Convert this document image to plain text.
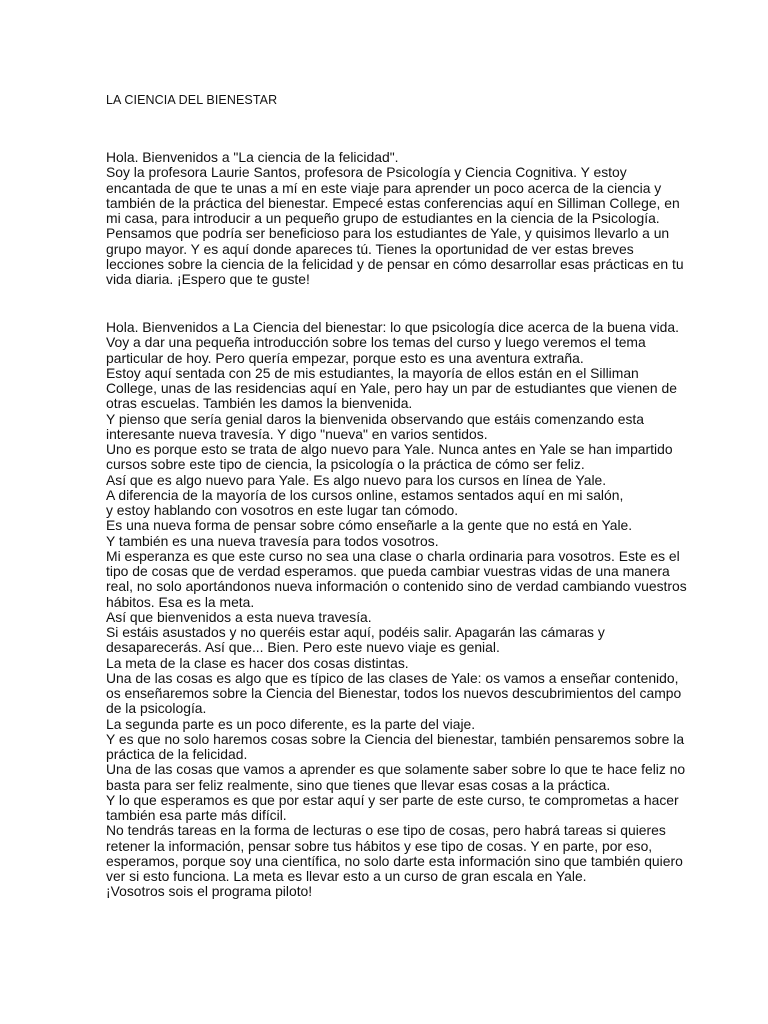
LA CIENCIA DEL BIENESTAR
Hola. Bienvenidos a "La ciencia de la felicidad".
Soy la profesora Laurie Santos, profesora de Psicología y Ciencia Cognitiva. Y estoy
encantada de que te unas a mí en este viaje para aprender un poco acerca de la ciencia y
también de la práctica del bienestar. Empecé estas conferencias aquí en Silliman College, en
mi casa, para introducir a un pequeño grupo de estudiantes en la ciencia de la Psicología.
Pensamos que podría ser beneficioso para los estudiantes de Yale, y quisimos llevarlo a un
grupo mayor. Y es aquí donde apareces tú. Tienes la oportunidad de ver estas breves
lecciones sobre la ciencia de la felicidad y de pensar en cómo desarrollar esas prácticas en tu
vida diaria. ¡Espero que te guste!
Hola. Bienvenidos a La Ciencia del bienestar: lo que psicología dice acerca de la buena vida.
Voy a dar una pequeña introducción sobre los temas del curso y luego veremos el tema
particular de hoy. Pero quería empezar, porque esto es una aventura extraña.
Estoy aquí sentada con 25 de mis estudiantes, la mayoría de ellos están en el Silliman
College, unas de las residencias aquí en Yale, pero hay un par de estudiantes que vienen de
otras escuelas. También les damos la bienvenida.
Y pienso que sería genial daros la bienvenida observando que estáis comenzando esta
interesante nueva travesía. Y digo "nueva" en varios sentidos.
Uno es porque esto se trata de algo nuevo para Yale. Nunca antes en Yale se han impartido
cursos sobre este tipo de ciencia, la psicología o la práctica de cómo ser feliz.
Así que es algo nuevo para Yale. Es algo nuevo para los cursos en línea de Yale.
A diferencia de la mayoría de los cursos online, estamos sentados aquí en mi salón,
y estoy hablando con vosotros en este lugar tan cómodo.
Es una nueva forma de pensar sobre cómo enseñarle a la gente que no está en Yale.
Y también es una nueva travesía para todos vosotros.
Mi esperanza es que este curso no sea una clase o charla ordinaria para vosotros. Este es el
tipo de cosas que de verdad esperamos. que pueda cambiar vuestras vidas de una manera
real, no solo aportándonos nueva información o contenido sino de verdad cambiando vuestros
hábitos. Esa es la meta.
Así que bienvenidos a esta nueva travesía.
Si estáis asustados y no queréis estar aquí, podéis salir. Apagarán las cámaras y
desaparecerás. Así que... Bien. Pero este nuevo viaje es genial.
La meta de la clase es hacer dos cosas distintas.
Una de las cosas es algo que es típico de las clases de Yale: os vamos a enseñar contenido,
os enseñaremos sobre la Ciencia del Bienestar, todos los nuevos descubrimientos del campo
de la psicología.
La segunda parte es un poco diferente, es la parte del viaje.
Y es que no solo haremos cosas sobre la Ciencia del bienestar, también pensaremos sobre la
práctica de la felicidad.
Una de las cosas que vamos a aprender es que solamente saber sobre lo que te hace feliz no
basta para ser feliz realmente, sino que tienes que llevar esas cosas a la práctica.
Y lo que esperamos es que por estar aquí y ser parte de este curso, te comprometas a hacer
también esa parte más difícil.
No tendrás tareas en la forma de lecturas o ese tipo de cosas, pero habrá tareas si quieres
retener la información, pensar sobre tus hábitos y ese tipo de cosas. Y en parte, por eso,
esperamos, porque soy una científica, no solo darte esta información sino que también quiero
ver si esto funciona. La meta es llevar esto a un curso de gran escala en Yale.
¡Vosotros sois el programa piloto!
